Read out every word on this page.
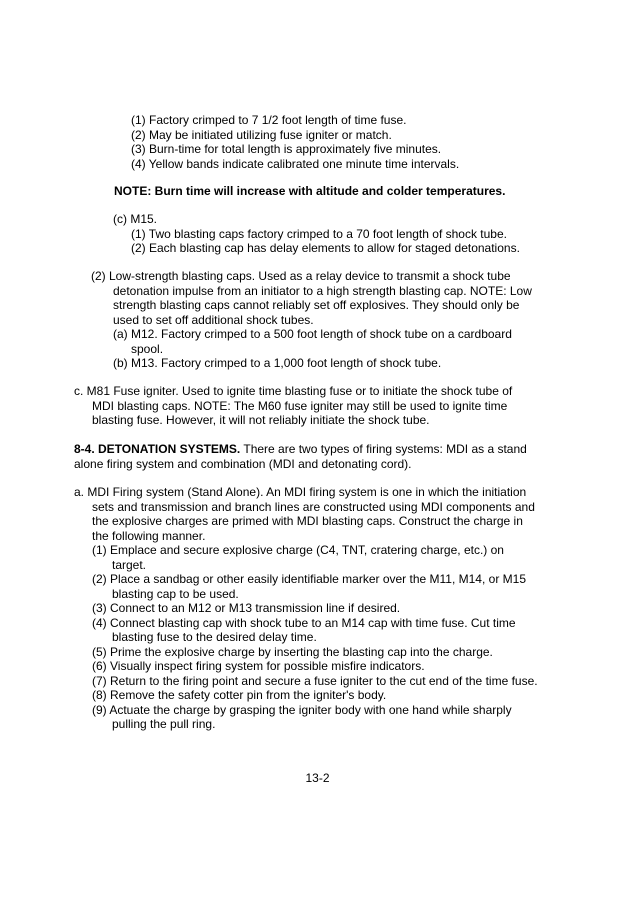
(1) Factory crimped to 7 1/2 foot length of time fuse.
(2) May be initiated utilizing fuse igniter or match.
(3) Burn-time for total length is approximately five minutes.
(4) Yellow bands indicate calibrated one minute time intervals.
NOTE: Burn time will increase with altitude and colder temperatures.
(c) M15.
(1) Two blasting caps factory crimped to a 70 foot length of shock tube.
(2) Each blasting cap has delay elements to allow for staged detonations.
(2) Low-strength blasting caps. Used as a relay device to transmit a shock tube
detonation impulse from an initiator to a high strength blasting cap. NOTE: Low
strength blasting caps cannot reliably set off explosives. They should only be
used to set off additional shock tubes.
(a) M12. Factory crimped to a 500 foot length of shock tube on a cardboard
spool.
(b) M13. Factory crimped to a 1,000 foot length of shock tube.
c. M81 Fuse igniter. Used to ignite time blasting fuse or to initiate the shock tube of
MDI blasting caps. NOTE: The M60 fuse igniter may still be used to ignite time
blasting fuse. However, it will not reliably initiate the shock tube.
8-4. DETONATION SYSTEMS. There are two types of firing systems: MDI as a stand
alone firing system and combination (MDI and detonating cord).
a. MDI Firing system (Stand Alone). An MDI firing system is one in which the initiation
sets and transmission and branch lines are constructed using MDI components and
the explosive charges are primed with MDI blasting caps. Construct the charge in
the following manner.
(1) Emplace and secure explosive charge (C4, TNT, cratering charge, etc.) on
target.
(2) Place a sandbag or other easily identifiable marker over the M11, M14, or M15
blasting cap to be used.
(3) Connect to an M12 or M13 transmission line if desired.
(4) Connect blasting cap with shock tube to an M14 cap with time fuse. Cut time
blasting fuse to the desired delay time.
(5) Prime the explosive charge by inserting the blasting cap into the charge.
(6) Visually inspect firing system for possible misfire indicators.
(7) Return to the firing point and secure a fuse igniter to the cut end of the time fuse.
(8) Remove the safety cotter pin from the igniter's body.
(9) Actuate the charge by grasping the igniter body with one hand while sharply
pulling the pull ring.
13-2
